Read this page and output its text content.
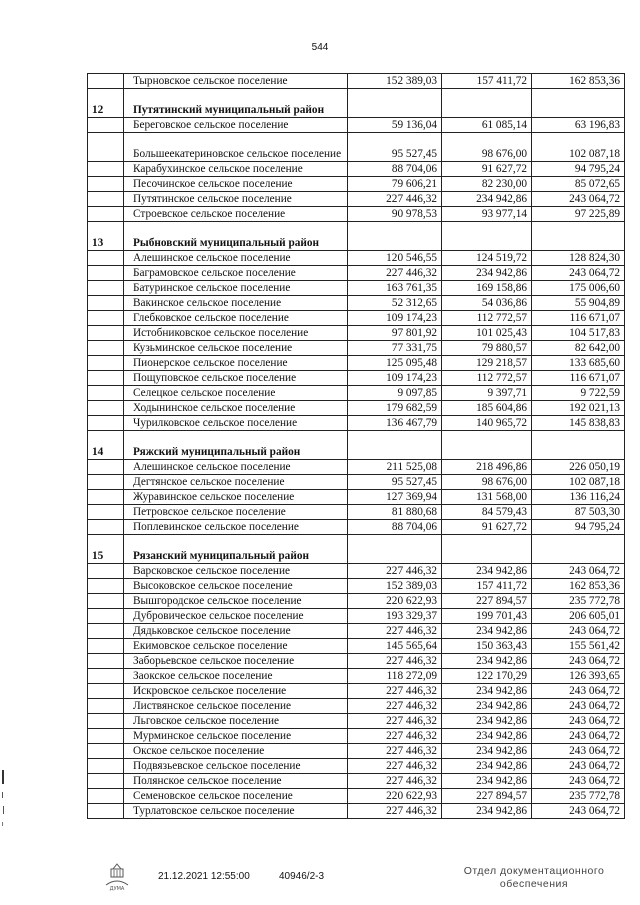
544
	Тырновское сельское поселение	152 389,03	157 411,72	162 853,36
12	Путятинский муниципальный район			
	Береговское сельское поселение	59 136,04	61 085,14	63 196,83
	Большеекатериновское сельское поселение	95 527,45	98 676,00	102 087,18
	Карабухинское сельское поселение	88 704,06	91 627,72	94 795,24
	Песочинское сельское поселение	79 606,21	82 230,00	85 072,65
	Путятинское сельское поселение	227 446,32	234 942,86	243 064,72
	Строевское сельское поселение	90 978,53	93 977,14	97 225,89
13	Рыбновский муниципальный район			
	Алешинское сельское поселение	120 546,55	124 519,72	128 824,30
	Баграмовское сельское поселение	227 446,32	234 942,86	243 064,72
	Батуринское сельское поселение	163 761,35	169 158,86	175 006,60
	Вакинское сельское поселение	52 312,65	54 036,86	55 904,89
	Глебковское сельское поселение	109 174,23	112 772,57	116 671,07
	Истобниковское сельское поселение	97 801,92	101 025,43	104 517,83
	Кузьминское сельское поселение	77 331,75	79 880,57	82 642,00
	Пионерское сельское поселение	125 095,48	129 218,57	133 685,60
	Пощуповское сельское поселение	109 174,23	112 772,57	116 671,07
	Селецкое сельское поселение	9 097,85	9 397,71	9 722,59
	Ходынинское сельское поселение	179 682,59	185 604,86	192 021,13
	Чурилковское сельское поселение	136 467,79	140 965,72	145 838,83
14	Ряжский муниципальный район			
	Алешинское сельское поселение	211 525,08	218 496,86	226 050,19
	Дегтянское сельское поселение	95 527,45	98 676,00	102 087,18
	Журавинское сельское поселение	127 369,94	131 568,00	136 116,24
	Петровское сельское поселение	81 880,68	84 579,43	87 503,30
	Поплевинское сельское поселение	88 704,06	91 627,72	94 795,24
15	Рязанский муниципальный район			
	Варсковское сельское поселение	227 446,32	234 942,86	243 064,72
	Высоковское сельское поселение	152 389,03	157 411,72	162 853,36
	Вышгородское сельское поселение	220 622,93	227 894,57	235 772,78
	Дубровическое сельское поселение	193 329,37	199 701,43	206 605,01
	Дядьковское сельское поселение	227 446,32	234 942,86	243 064,72
	Екимовское сельское поселение	145 565,64	150 363,43	155 561,42
	Заборьевское сельское поселение	227 446,32	234 942,86	243 064,72
	Заокское сельское поселение	118 272,09	122 170,29	126 393,65
	Искровское сельское поселение	227 446,32	234 942,86	243 064,72
	Листвянское сельское поселение	227 446,32	234 942,86	243 064,72
	Льговское сельское поселение	227 446,32	234 942,86	243 064,72
	Мурминское сельское поселение	227 446,32	234 942,86	243 064,72
	Окское сельское поселение	227 446,32	234 942,86	243 064,72
	Подвязьевское сельское поселение	227 446,32	234 942,86	243 064,72
	Полянское сельское поселение	227 446,32	234 942,86	243 064,72
	Семеновское сельское поселение	220 622,93	227 894,57	235 772,78
	Турлатовское сельское поселение	227 446,32	234 942,86	243 064,72
ДУМА
21.12.2021 12:55:00	40946/2-3	Отдел документационного
обеспечения
